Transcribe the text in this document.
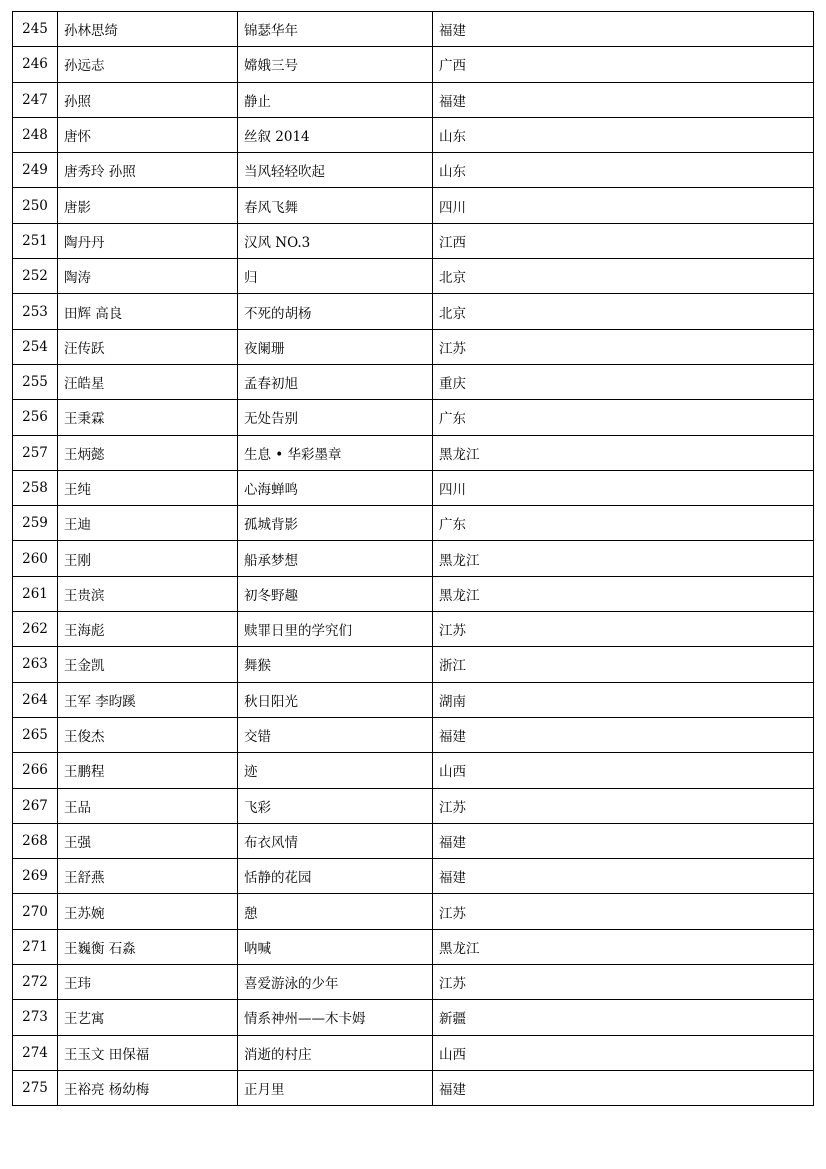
245	孙林思绮	锦瑟华年	福建
246	孙远志	嫦娥三号	广西
247	孙照	静止	福建
248	唐怀	丝叙 2014	山东
249	唐秀玲 孙照	当风轻轻吹起	山东
250	唐影	春风飞舞	四川
251	陶丹丹	汉风 NO.3	江西
252	陶涛	归	北京
253	田辉 高良	不死的胡杨	北京
254	汪传跃	夜阑珊	江苏
255	汪皓星	孟春初旭	重庆
256	王秉霖	无处告别	广东
257	王炳懿	生息 • 华彩墨章	黑龙江
258	王纯	心海蝉鸣	四川
259	王迪	孤城背影	广东
260	王刚	船承梦想	黑龙江
261	王贵滨	初冬野趣	黑龙江
262	王海彪	赎罪日里的学究们	江苏
263	王金凯	舞猴	浙江
264	王军 李昀蹊	秋日阳光	湖南
265	王俊杰	交错	福建
266	王鹏程	迹	山西
267	王品	飞彩	江苏
268	王强	布衣风情	福建
269	王舒燕	恬静的花园	福建
270	王苏婉	憩	江苏
271	王巍衡 石淼	呐喊	黑龙江
272	王玮	喜爱游泳的少年	江苏
273	王艺寓	情系神州——木卡姆	新疆
274	王玉文 田保福	消逝的村庄	山西
275	王裕亮 杨幼梅	正月里	福建
